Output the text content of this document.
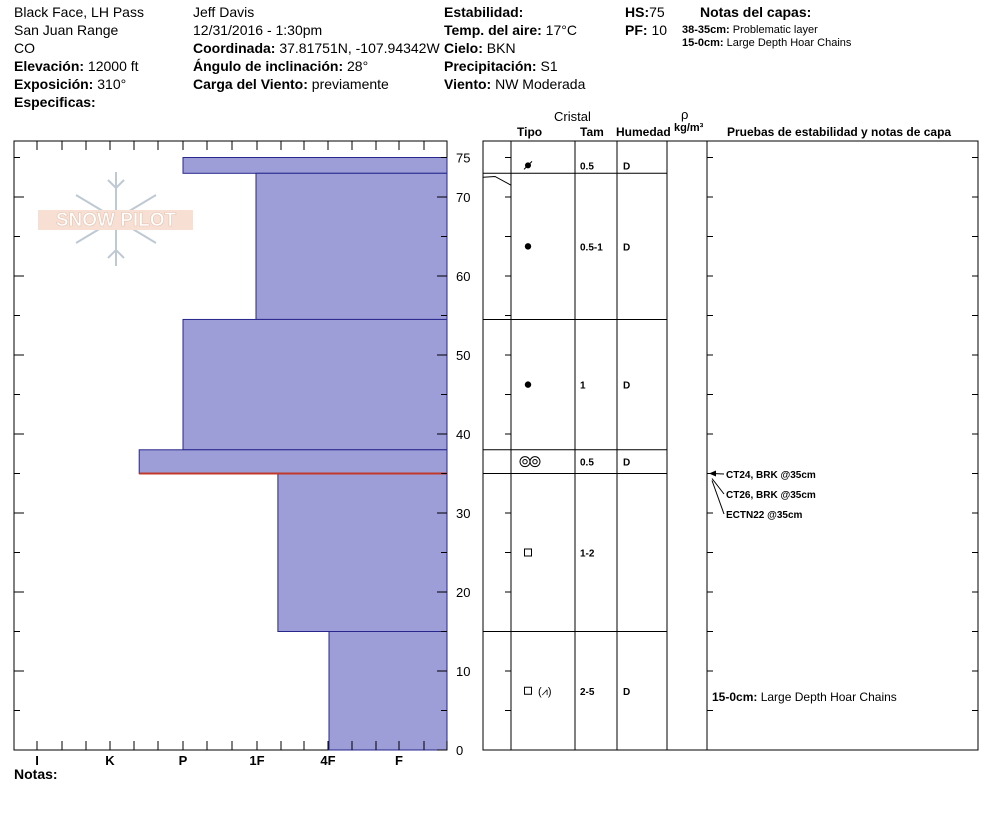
Black Face, LH Pass
San Juan Range
CO
Elevación: 12000 ft
Exposición: 310°
Especificas:
Jeff Davis
12/31/2016 - 1:30pm
Coordinada: 37.81751N, -107.94342W
Ángulo de inclinación: 28°
Carga del Viento: previamente
Estabilidad:
Temp. del aire: 17°C
Cielo: BKN
Precipitación: S1
Viento: NW Moderada
HS:75
PF: 10
Notas del capas:
38-35cm: Problematic layer
15-0cm: Large Depth Hoar Chains
Cristal
Tipo	Tam Humedad
ρ
kg/m³ Pruebas de estabilidad y notas de capa
Notas:
SNOW PILOT
I	K	P	1F	4F	F
0
10
20
30
40
50
60
70
75
0.5	D
0.5-1 D
1	D
0.5	D
1-2
(⩘)	2-5	D
CT24, BRK @35cm
CT26, BRK @35cm
ECTN22 @35cm
15-0cm: Large Depth Hoar Chains
